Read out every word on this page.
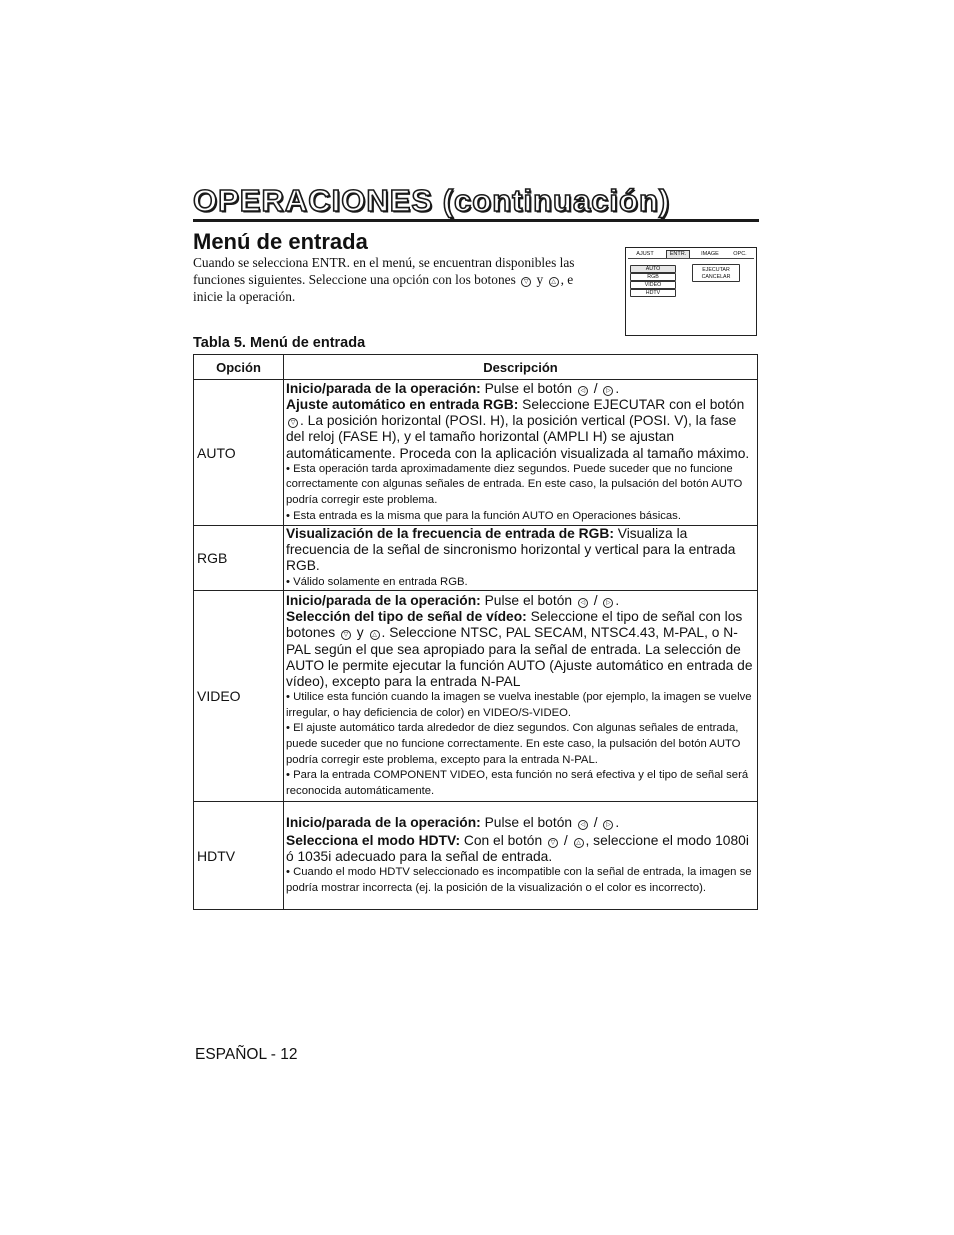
OPERACIONES (continuación)
Menú de entrada

Cuando se selecciona ENTR. en el menú, se encuentran disponibles las funciones siguientes. Seleccione una opción con los botones ▽ y △ , e inicie la operación.

AJUST	ENTR.	IMAGE	OPC.
AUTO
RGB
VIDEO
HDTV
EJECUTAR
CANCELAR

Tabla 5. Menú de entrada

Opción	Descripción
AUTO	Inicio/parada de la operación: Pulse el botón ◁ / ▷ .

Ajuste automático en entrada RGB: Seleccione EJECUTAR con el botón ▽ . La posición horizontal (POSI. H), la posición vertical (POSI. V), la fase del reloj (FASE H), y el tamaño horizontal (AMPLI H) se ajustan automáticamente. Proceda con la aplicación visualizada al tamaño máximo.

• Esta operación tarda aproximadamente diez segundos. Puede suceder que no funcione correctamente con algunas señales de entrada. En este caso, la pulsación del botón AUTO podría corregir este problema.

• Esta entrada es la misma que para la función AUTO en Operaciones básicas.

RGB	Visualización de la frecuencia de entrada de RGB: Visualiza la frecuencia de la señal de sincronismo horizontal y vertical para la entrada RGB.

• Válido solamente en entrada RGB.

VIDEO	Inicio/parada de la operación: Pulse el botón ◁ / ▷ .

Selección del tipo de señal de vídeo: Seleccione el tipo de señal con los botones ▽ y △ . Seleccione NTSC, PAL SECAM, NTSC4.43, M-PAL, o N-PAL según el que sea apropiado para la señal de entrada. La selección de AUTO le permite ejecutar la función AUTO (Ajuste automático en entrada de vídeo), excepto para la entrada N-PAL

• Utilice esta función cuando la imagen se vuelva inestable (por ejemplo, la imagen se vuelve irregular, o hay deficiencia de color) en VIDEO/S-VIDEO.

• El ajuste automático tarda alrededor de diez segundos. Con algunas señales de entrada, puede suceder que no funcione correctamente. En este caso, la pulsación del botón AUTO podría corregir este problema, excepto para la entrada N-PAL.

• Para la entrada COMPONENT VIDEO, esta función no será efectiva y el tipo de señal será reconocida automáticamente.

HDTV	Inicio/parada de la operación: Pulse el botón ◁ / ▷ .

Selecciona el modo HDTV: Con el botón ▽ / △ , seleccione el modo 1080i ó 1035i adecuado para la señal de entrada.

• Cuando el modo HDTV seleccionado es incompatible con la señal de entrada, la imagen se podría mostrar incorrecta (ej. la posición de la visualización o el color es incorrecto).

ESPAÑOL - 12
